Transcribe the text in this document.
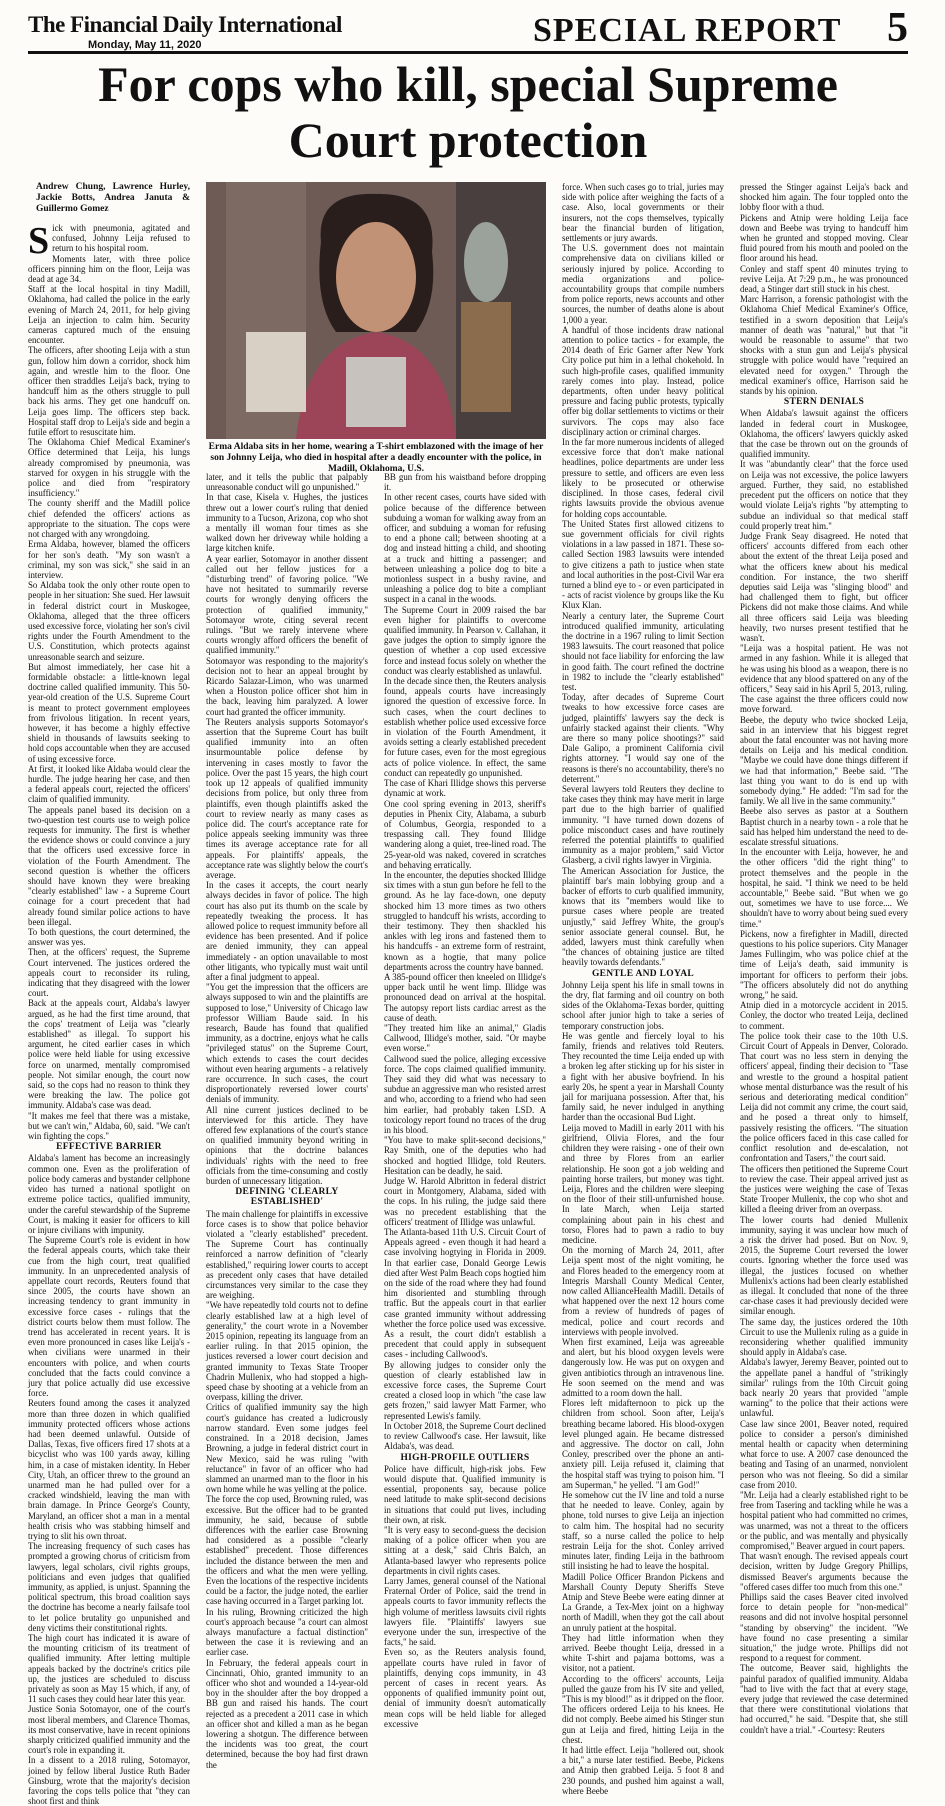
The Financial Daily International
Monday, May 11, 2020	SPECIAL REPORT 5
For cops who kill, special Supreme Court protection
Andrew Chung, Lawrence Hurley, Jackie Botts, Andrea Januta & Guillermo Gomez

Sick with pneumonia, agitated and confused, Johnny Leija refused to return to his hospital room.

Moments later, with three police officers pinning him on the floor, Leija was dead at age 34.

Staff at the local hospital in tiny Madill, Oklahoma, had called the police in the early evening of March 24, 2011, for help giving Leija an injection to calm him. Security cameras captured much of the ensuing encounter.

The officers, after shooting Leija with a stun gun, follow him down a corridor, shock him again, and wrestle him to the floor. One officer then straddles Leija's back, trying to handcuff him as the others struggle to pull back his arms. They get one handcuff on. Leija goes limp. The officers step back. Hospital staff drop to Leija's side and begin a futile effort to resuscitate him.

The Oklahoma Chief Medical Examiner's Office determined that Leija, his lungs already compromised by pneumonia, was starved for oxygen in his struggle with the police and died from "respiratory insufficiency."

The county sheriff and the Madill police chief defended the officers' actions as appropriate to the situation. The cops were not charged with any wrongdoing.

Erma Aldaba, however, blamed the officers for her son's death. "My son wasn't a criminal, my son was sick," she said in an interview.

So Aldaba took the only other route open to people in her situation: She sued. Her lawsuit in federal district court in Muskogee, Oklahoma, alleged that the three officers used excessive force, violating her son's civil rights under the Fourth Amendment to the U.S. Constitution, which protects against unreasonable search and seizure.

But almost immediately, her case hit a formidable obstacle: a little-known legal doctrine called qualified immunity. This 50-year-old creation of the U.S. Supreme Court is meant to protect government employees from frivolous litigation. In recent years, however, it has become a highly effective shield in thousands of lawsuits seeking to hold cops accountable when they are accused of using excessive force.

At first, it looked like Aldaba would clear the hurdle. The judge hearing her case, and then a federal appeals court, rejected the officers' claim of qualified immunity.

The appeals panel based its decision on a two-question test courts use to weigh police requests for immunity. The first is whether the evidence shows or could convince a jury that the officers used excessive force in violation of the Fourth Amendment. The second question is whether the officers should have known they were breaking "clearly established" law - a Supreme Court coinage for a court precedent that had already found similar police actions to have been illegal.

To both questions, the court determined, the answer was yes.

Then, at the officers' request, the Supreme Court intervened. The justices ordered the appeals court to reconsider its ruling, indicating that they disagreed with the lower court.

Back at the appeals court, Aldaba's lawyer argued, as he had the first time around, that the cops' treatment of Leija was "clearly established" as illegal. To support his argument, he cited earlier cases in which police were held liable for using excessive force on unarmed, mentally compromised people. Not similar enough, the court now said, so the cops had no reason to think they were breaking the law. The police got immunity. Aldaba's case was dead.

"It makes me feel that there was a mistake, but we can't win," Aldaba, 60, said. "We can't win fighting the cops."

EFFECTIVE BARRIER

Aldaba's lament has become an increasingly common one. Even as the proliferation of police body cameras and bystander cellphone video has turned a national spotlight on extreme police tactics, qualified immunity, under the careful stewardship of the Supreme Court, is making it easier for officers to kill or injure civilians with impunity.

The Supreme Court's role is evident in how the federal appeals courts, which take their cue from the high court, treat qualified immunity. In an unprecedented analysis of appellate court records, Reuters found that since 2005, the courts have shown an increasing tendency to grant immunity in excessive force cases - rulings that the district courts below them must follow. The trend has accelerated in recent years. It is even more pronounced in cases like Leija's - when civilians were unarmed in their encounters with police, and when courts concluded that the facts could convince a jury that police actually did use excessive force.

Reuters found among the cases it analyzed more than three dozen in which qualified immunity protected officers whose actions had been deemed unlawful. Outside of Dallas, Texas, five officers fired 17 shots at a bicyclist who was 100 yards away, killing him, in a case of mistaken identity. In Heber City, Utah, an officer threw to the ground an unarmed man he had pulled over for a cracked windshield, leaving the man with brain damage. In Prince George's County, Maryland, an officer shot a man in a mental health crisis who was stabbing himself and trying to slit his own throat.

The increasing frequency of such cases has prompted a growing chorus of criticism from lawyers, legal scholars, civil rights groups, politicians and even judges that qualified immunity, as applied, is unjust. Spanning the political spectrum, this broad coalition says the doctrine has become a nearly failsafe tool to let police brutality go unpunished and deny victims their constitutional rights.

The high court has indicated it is aware of the mounting criticism of its treatment of qualified immunity. After letting multiple appeals backed by the doctrine's critics pile up, the justices are scheduled to discuss privately as soon as May 15 which, if any, of 11 such cases they could hear later this year.

Justice Sonia Sotomayor, one of the court's most liberal members, and Clarence Thomas, its most conservative, have in recent opinions sharply criticized qualified immunity and the court's role in expanding it.

In a dissent to a 2018 ruling, Sotomayor, joined by fellow liberal Justice Ruth Bader Ginsburg, wrote that the majority's decision favoring the cops tells police that "they can shoot first and think

Erma Aldaba sits in her home, wearing a T-shirt emblazoned with the image of her son Johnny Leija, who died in hospital after a deadly encounter with the police, in Madill, Oklahoma, U.S.

later, and it tells the public that palpably unreasonable conduct will go unpunished."

In that case, Kisela v. Hughes, the justices threw out a lower court's ruling that denied immunity to a Tucson, Arizona, cop who shot a mentally ill woman four times as she walked down her driveway while holding a large kitchen knife.

A year earlier, Sotomayor in another dissent called out her fellow justices for a "disturbing trend" of favoring police. "We have not hesitated to summarily reverse courts for wrongly denying officers the protection of qualified immunity," Sotomayor wrote, citing several recent rulings. "But we rarely intervene where courts wrongly afford officers the benefit of qualified immunity."

Sotomayor was responding to the majority's decision not to hear an appeal brought by Ricardo Salazar-Limon, who was unarmed when a Houston police officer shot him in the back, leaving him paralyzed. A lower court had granted the officer immunity.

The Reuters analysis supports Sotomayor's assertion that the Supreme Court has built qualified immunity into an often insurmountable police defense by intervening in cases mostly to favor the police. Over the past 15 years, the high court took up 12 appeals of qualified immunity decisions from police, but only three from plaintiffs, even though plaintiffs asked the court to review nearly as many cases as police did. The court's acceptance rate for police appeals seeking immunity was three times its average acceptance rate for all appeals. For plaintiffs' appeals, the acceptance rate was slightly below the court's average.

In the cases it accepts, the court nearly always decides in favor of police. The high court has also put its thumb on the scale by repeatedly tweaking the process. It has allowed police to request immunity before all evidence has been presented. And if police are denied immunity, they can appeal immediately - an option unavailable to most other litigants, who typically must wait until after a final judgment to appeal.

"You get the impression that the officers are always supposed to win and the plaintiffs are supposed to lose," University of Chicago law professor William Baude said. In his research, Baude has found that qualified immunity, as a doctrine, enjoys what he calls "privileged status" on the Supreme Court, which extends to cases the court decides without even hearing arguments - a relatively rare occurrence. In such cases, the court disproportionately reversed lower courts' denials of immunity.

All nine current justices declined to be interviewed for this article. They have offered few explanations of the court's stance on qualified immunity beyond writing in opinions that the doctrine balances individuals' rights with the need to free officials from the time-consuming and costly burden of unnecessary litigation.

DEFINING 'CLEARLY ESTABLISHED'

The main challenge for plaintiffs in excessive force cases is to show that police behavior violated a "clearly established" precedent. The Supreme Court has continually reinforced a narrow definition of "clearly established," requiring lower courts to accept as precedent only cases that have detailed circumstances very similar to the case they are weighing.

"We have repeatedly told courts not to define clearly established law at a high level of generality," the court wrote in a November 2015 opinion, repeating its language from an earlier ruling. In that 2015 opinion, the justices reversed a lower court decision and granted immunity to Texas State Trooper Chadrin Mullenix, who had stopped a high-speed chase by shooting at a vehicle from an overpass, killing the driver.

Critics of qualified immunity say the high court's guidance has created a ludicrously narrow standard. Even some judges feel constrained. In a 2018 decision, James Browning, a judge in federal district court in New Mexico, said he was ruling "with reluctance" in favor of an officer who had slammed an unarmed man to the floor in his own home while he was yelling at the police.

The force the cop used, Browning ruled, was excessive. But the officer had to be granted immunity, he said, because of subtle differences with the earlier case Browning had considered as a possible "clearly established" precedent. Those differences included the distance between the men and the officers and what the men were yelling. Even the locations of the respective incidents could be a factor, the judge noted, the earlier case having occurred in a Target parking lot.

In his ruling, Browning criticized the high court's approach because "a court can almost always manufacture a factual distinction" between the case it is reviewing and an earlier case.

In February, the federal appeals court in Cincinnati, Ohio, granted immunity to an officer who shot and wounded a 14-year-old boy in the shoulder after the boy dropped a BB gun and raised his hands. The court rejected as a precedent a 2011 case in which an officer shot and killed a man as he began lowering a shotgun. The difference between the incidents was too great, the court determined, because the boy had first drawn the

BB gun from his waistband before dropping it.

In other recent cases, courts have sided with police because of the difference between subduing a woman for walking away from an officer, and subduing a woman for refusing to end a phone call; between shooting at a dog and instead hitting a child, and shooting at a truck and hitting a passenger; and between unleashing a police dog to bite a motionless suspect in a bushy ravine, and unleashing a police dog to bite a compliant suspect in a canal in the woods.

The Supreme Court in 2009 raised the bar even higher for plaintiffs to overcome qualified immunity. In Pearson v. Callahan, it gave judges the option to simply ignore the question of whether a cop used excessive force and instead focus solely on whether the conduct was clearly established as unlawful.

In the decade since then, the Reuters analysis found, appeals courts have increasingly ignored the question of excessive force. In such cases, when the court declines to establish whether police used excessive force in violation of the Fourth Amendment, it avoids setting a clearly established precedent for future cases, even for the most egregious acts of police violence. In effect, the same conduct can repeatedly go unpunished.

The case of Khari Illidge shows this perverse dynamic at work.

One cool spring evening in 2013, sheriff's deputies in Phenix City, Alabama, a suburb of Columbus, Georgia, responded to a trespassing call. They found Illidge wandering along a quiet, tree-lined road. The 25-year-old was naked, covered in scratches and behaving erratically.

In the encounter, the deputies shocked Illidge six times with a stun gun before he fell to the ground. As he lay face-down, one deputy shocked him 13 more times as two others struggled to handcuff his wrists, according to their testimony. They then shackled his ankles with leg irons and fastened them to his handcuffs - an extreme form of restraint, known as a hogtie, that many police departments across the country have banned.

A 385-pound officer then kneeled on Illidge's upper back until he went limp. Illidge was pronounced dead on arrival at the hospital. The autopsy report lists cardiac arrest as the cause of death.

"They treated him like an animal," Gladis Callwood, Illidge's mother, said. "Or maybe even worse."

Callwood sued the police, alleging excessive force. The cops claimed qualified immunity. They said they did what was necessary to subdue an aggressive man who resisted arrest and who, according to a friend who had seen him earlier, had probably taken LSD. A toxicology report found no traces of the drug in his blood.

"You have to make split-second decisions," Ray Smith, one of the deputies who had shocked and hogtied Illidge, told Reuters. Hesitation can be deadly, he said.

Judge W. Harold Albritton in federal district court in Montgomery, Alabama, sided with the cops. In his ruling, the judge said there was no precedent establishing that the officers' treatment of Illidge was unlawful.

The Atlanta-based 11th U.S. Circuit Court of Appeals agreed - even though it had heard a case involving hogtying in Florida in 2009. In that earlier case, Donald George Lewis died after West Palm Beach cops hogtied him on the side of the road where they had found him disoriented and stumbling through traffic. But the appeals court in that earlier case granted immunity without addressing whether the force police used was excessive. As a result, the court didn't establish a precedent that could apply in subsequent cases - including Callwood's.

By allowing judges to consider only the question of clearly established law in excessive force cases, the Supreme Court created a closed loop in which "the case law gets frozen," said lawyer Matt Farmer, who represented Lewis's family.

In October 2018, the Supreme Court declined to review Callwood's case. Her lawsuit, like Aldaba's, was dead.

HIGH-PROFILE OUTLIERS

Police have difficult, high-risk jobs. Few would dispute that. Qualified immunity is essential, proponents say, because police need latitude to make split-second decisions in situations that could put lives, including their own, at risk.

"It is very easy to second-guess the decision making of a police officer when you are sitting at a desk," said Chris Balch, an Atlanta-based lawyer who represents police departments in civil rights cases.

Larry James, general counsel of the National Fraternal Order of Police, said the trend in appeals courts to favor immunity reflects the high volume of meritless lawsuits civil rights lawyers file. "Plaintiffs' lawyers sue everyone under the sun, irrespective of the facts," he said.

Even so, as the Reuters analysis found, appellate courts have ruled in favor of plaintiffs, denying cops immunity, in 43 percent of cases in recent years. As opponents of qualified immunity point out, denial of immunity doesn't automatically mean cops will be held liable for alleged excessive

force. When such cases go to trial, juries may side with police after weighing the facts of a case. Also, local governments or their insurers, not the cops themselves, typically bear the financial burden of litigation, settlements or jury awards.

The U.S. government does not maintain comprehensive data on civilians killed or seriously injured by police. According to media organizations and police-accountability groups that compile numbers from police reports, news accounts and other sources, the number of deaths alone is about 1,000 a year.

A handful of those incidents draw national attention to police tactics - for example, the 2014 death of Eric Garner after New York City police put him in a lethal chokehold. In such high-profile cases, qualified immunity rarely comes into play. Instead, police departments, often under heavy political pressure and facing public protests, typically offer big dollar settlements to victims or their survivors. The cops may also face disciplinary action or criminal charges.

In the far more numerous incidents of alleged excessive force that don't make national headlines, police departments are under less pressure to settle, and officers are even less likely to be prosecuted or otherwise disciplined. In those cases, federal civil rights lawsuits provide the obvious avenue for holding cops accountable.

The United States first allowed citizens to sue government officials for civil rights violations in a law passed in 1871. These so-called Section 1983 lawsuits were intended to give citizens a path to justice when state and local authorities in the post-Civil War era turned a blind eye to - or even participated in - acts of racist violence by groups like the Ku Klux Klan.

Nearly a century later, the Supreme Court introduced qualified immunity, articulating the doctrine in a 1967 ruling to limit Section 1983 lawsuits. The court reasoned that police should not face liability for enforcing the law in good faith. The court refined the doctrine in 1982 to include the "clearly established" test.

Today, after decades of Supreme Court tweaks to how excessive force cases are judged, plaintiffs' lawyers say the deck is unfairly stacked against their clients. "Why are there so many police shootings?" said Dale Galipo, a prominent California civil rights attorney. "I would say one of the reasons is there's no accountability, there's no deterrent."

Several lawyers told Reuters they decline to take cases they think may have merit in large part due to the high barrier of qualified immunity. "I have turned down dozens of police misconduct cases and have routinely referred the potential plaintiffs to qualified immunity as a major problem," said Victor Glasberg, a civil rights lawyer in Virginia.

The American Association for Justice, the plaintiff bar's main lobbying group and a backer of efforts to curb qualified immunity, knows that its "members would like to pursue cases where people are treated unjustly," said Jeffrey White, the group's senior associate general counsel. But, he added, lawyers must think carefully when "the chances of obtaining justice are tilted heavily towards defendants."

GENTLE AND LOYAL

Johnny Leija spent his life in small towns in the dry, flat farming and oil country on both sides of the Oklahoma-Texas border, quitting school after junior high to take a series of temporary construction jobs.

He was gentle and fiercely loyal to his family, friends and relatives told Reuters. They recounted the time Leija ended up with a broken leg after sticking up for his sister in a fight with her abusive boyfriend. In his early 20s, he spent a year in Marshall County jail for marijuana possession. After that, his family said, he never indulged in anything harder than the occasional Bud Light.

Leija moved to Madill in early 2011 with his girlfriend, Olivia Flores, and the four children they were raising - one of their own and three by Flores from an earlier relationship. He soon got a job welding and painting horse trailers, but money was tight. Leija, Flores and the children were sleeping on the floor of their still-unfurnished house. In late March, when Leija started complaining about pain in his chest and torso, Flores had to pawn a radio to buy medicine.

On the morning of March 24, 2011, after Leija spent most of the night vomiting, he and Flores headed to the emergency room at Integris Marshall County Medical Center, now called AllianceHealth Madill. Details of what happened over the next 12 hours come from a review of hundreds of pages of medical, police and court records and interviews with people involved.

When first examined, Leija was agreeable and alert, but his blood oxygen levels were dangerously low. He was put on oxygen and given antibiotics through an intravenous line. He soon seemed on the mend and was admitted to a room down the hall.

Flores left midafternoon to pick up the children from school. Soon after, Leija's breathing became labored. His blood-oxygen level plunged again. He became distressed and aggressive. The doctor on call, John Conley, prescribed over the phone an anti-anxiety pill. Leija refused it, claiming that the hospital staff was trying to poison him. "I am Superman," he yelled. "I am God!"

He somehow cut the IV line and told a nurse that he needed to leave. Conley, again by phone, told nurses to give Leija an injection to calm him. The hospital had no security staff, so a nurse called the police to help restrain Leija for the shot. Conley arrived minutes later, finding Leija in the bathroom still insisting he had to leave the hospital.

Madill Police Officer Brandon Pickens and Marshall County Deputy Sheriffs Steve Atnip and Steve Beebe were eating dinner at La Grande, a Tex-Mex joint on a highway north of Madill, when they got the call about an unruly patient at the hospital.

They had little information when they arrived. Beebe thought Leija, dressed in a white T-shirt and pajama bottoms, was a visitor, not a patient.

According to the officers' accounts, Leija pulled the gauze from his IV site and yelled, "This is my blood!" as it dripped on the floor.

The officers ordered Leija to his knees. He did not comply. Beebe aimed his Stinger stun gun at Leija and fired, hitting Leija in the chest.

It had little effect. Leija "hollered out, shook a bit," a nurse later testified. Beebe, Pickens and Atnip then grabbed Leija. 5 foot 8 and 230 pounds, and pushed him against a wall, where Beebe

pressed the Stinger against Leija's back and shocked him again. The four toppled onto the lobby floor with a thud.

Pickens and Atnip were holding Leija face down and Beebe was trying to handcuff him when he grunted and stopped moving. Clear fluid poured from his mouth and pooled on the floor around his head.

Conley and staff spent 40 minutes trying to revive Leija. At 7:29 p.m., he was pronounced dead, a Stinger dart still stuck in his chest.

Marc Harrison, a forensic pathologist with the Oklahoma Chief Medical Examiner's Office, testified in a sworn deposition that Leija's manner of death was "natural," but that "it would be reasonable to assume" that two shocks with a stun gun and Leija's physical struggle with police would have "required an elevated need for oxygen." Through the medical examiner's office, Harrison said he stands by his opinion.

STERN DENIALS

When Aldaba's lawsuit against the officers landed in federal court in Muskogee, Oklahoma, the officers' lawyers quickly asked that the case be thrown out on the grounds of qualified immunity.

It was "abundantly clear" that the force used on Leija was not excessive, the police lawyers argued. Further, they said, no established precedent put the officers on notice that they would violate Leija's rights "by attempting to subdue an individual so that medical staff could properly treat him."

Judge Frank Seay disagreed. He noted that officers' accounts differed from each other about the extent of the threat Leija posed and what the officers knew about his medical condition. For instance, the two sheriff deputies said Leija was "slinging blood" and had challenged them to fight, but officer Pickens did not make those claims. And while all three officers said Leija was bleeding heavily, two nurses present testified that he wasn't.

"Leija was a hospital patient. He was not armed in any fashion. While it is alleged that he was using his blood as a weapon, there is no evidence that any blood spattered on any of the officers," Seay said in his April 5, 2013, ruling. The case against the three officers could now move forward.

Beebe, the deputy who twice shocked Leija, said in an interview that his biggest regret about the fatal encounter was not having more details on Leija and his medical condition. "Maybe we could have done things different if we had that information," Beebe said. "The last thing you want to do is end up with somebody dying." He added: "I'm sad for the family. We all live in the same community."

Beebe also serves as pastor at a Southern Baptist church in a nearby town - a role that he said has helped him understand the need to de-escalate stressful situations.

In the encounter with Leija, however, he and the other officers "did the right thing" to protect themselves and the people in the hospital, he said. "I think we need to be held accountable," Beebe said. "But when we go out, sometimes we have to use force.... We shouldn't have to worry about being sued every time."

Pickens, now a firefighter in Madill, directed questions to his police superiors. City Manager James Fullingim, who was police chief at the time of Leija's death, said immunity is important for officers to perform their jobs. "The officers absolutely did not do anything wrong," he said.

Atnip died in a motorcycle accident in 2015. Conley, the doctor who treated Leija, declined to comment.

The police took their case to the 10th U.S. Circuit Court of Appeals in Denver, Colorado. That court was no less stern in denying the officers' appeal, finding their decision to "Tase and wrestle to the ground a hospital patient whose mental disturbance was the result of his serious and deteriorating medical condition" Leija did not commit any crime, the court said, and he posed a threat only to himself, passively resisting the officers. "The situation the police officers faced in this case called for conflict resolution and de-escalation, not confrontation and Tasers," the court said.

The officers then petitioned the Supreme Court to review the case. Their appeal arrived just as the justices were weighing the case of Texas State Trooper Mullenix, the cop who shot and killed a fleeing driver from an overpass.

The lower courts had denied Mullenix immunity, saying it was unclear how much of a risk the driver had posed. But on Nov. 9, 2015, the Supreme Court reversed the lower courts. Ignoring whether the force used was illegal, the justices focused on whether Mullenix's actions had been clearly established as illegal. It concluded that none of the three car-chase cases it had previously decided were similar enough.

The same day, the justices ordered the 10th Circuit to use the Mullenix ruling as a guide in reconsidering whether qualified immunity should apply in Aldaba's case.

Aldaba's lawyer, Jeremy Beaver, pointed out to the appellate panel a handful of "strikingly similar" rulings from the 10th Circuit going back nearly 20 years that provided "ample warning" to the police that their actions were unlawful.

Case law since 2001, Beaver noted, required police to consider a person's diminished mental health or capacity when determining what force to use. A 2007 case denounced the beating and Tasing of an unarmed, nonviolent person who was not fleeing. So did a similar case from 2010.

"Mr. Leija had a clearly established right to be free from Tasering and tackling while he was a hospital patient who had committed no crimes, was unarmed, was not a threat to the officers or the public, and was mentally and physically compromised," Beaver argued in court papers.

That wasn't enough. The revised appeals court decision, written by Judge Gregory Phillips, dismissed Beaver's arguments because the "offered cases differ too much from this one."

Phillips said the cases Beaver cited involved force to detain people for "non-medical" reasons and did not involve hospital personnel "standing by observing" the incident. "We have found no case presenting a similar situation," the judge wrote. Phillips did not respond to a request for comment.

The outcome, Beaver said, highlights the painful paradox of qualified immunity. Aldaba "had to live with the fact that at every stage, every judge that reviewed the case determined that there were constitutional violations that had occurred," he said. "Despite that, she still couldn't have a trial." -Courtesy: Reuters
